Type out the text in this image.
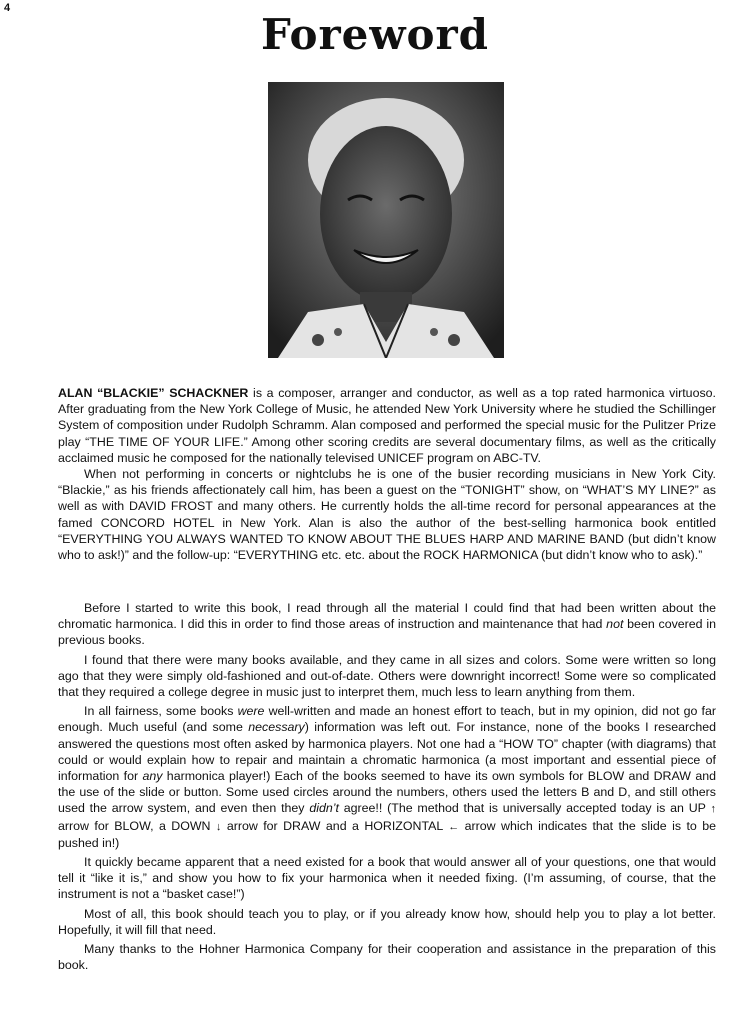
4
Foreword

ALAN “BLACKIE” SCHACKNER is a composer, arranger and conductor, as well as a top rated harmonica virtuoso. After graduating from the New York College of Music, he attended New York University where he studied the Schillinger System of composition under Rudolph Schramm. Alan composed and performed the special music for the Pulitzer Prize play “THE TIME OF YOUR LIFE.” Among other scoring credits are several documentary films, as well as the critically acclaimed music he composed for the nationally televised UNICEF program on ABC-TV.

When not performing in concerts or nightclubs he is one of the busier recording musicians in New York City. “Blackie,” as his friends affectionately call him, has been a guest on the “TONIGHT” show, on “WHAT’S MY LINE?” as well as with DAVID FROST and many others. He currently holds the all-time record for personal appearances at the famed CONCORD HOTEL in New York. Alan is also the author of the best-selling harmonica book entitled “EVERYTHING YOU ALWAYS WANTED TO KNOW ABOUT THE BLUES HARP AND MARINE BAND (but didn’t know who to ask!)” and the follow-up: “EVERYTHING etc. etc. about the ROCK HARMONICA (but didn’t know who to ask).”

Before I started to write this book, I read through all the material I could find that had been written about the chromatic harmonica. I did this in order to find those areas of instruction and maintenance that had not been covered in previous books.

I found that there were many books available, and they came in all sizes and colors. Some were written so long ago that they were simply old-fashioned and out-of-date. Others were downright incorrect! Some were so complicated that they required a college degree in music just to interpret them, much less to learn anything from them.

In all fairness, some books were well-written and made an honest effort to teach, but in my opinion, did not go far enough. Much useful (and some necessary) information was left out. For instance, none of the books I researched answered the questions most often asked by harmonica players. Not one had a “HOW TO” chapter (with diagrams) that could or would explain how to repair and maintain a chromatic harmonica (a most important and essential piece of information for any harmonica player!) Each of the books seemed to have its own symbols for BLOW and DRAW and the use of the slide or button. Some used circles around the numbers, others used the letters B and D, and still others used the arrow system, and even then they didn’t agree!! (The method that is universally accepted today is an UP ↑ arrow for BLOW, a DOWN ↓ arrow for DRAW and a HORIZONTAL ← arrow which indicates that the slide is to be pushed in!)

It quickly became apparent that a need existed for a book that would answer all of your questions, one that would tell it “like it is,” and show you how to fix your harmonica when it needed fixing. (I’m assuming, of course, that the instrument is not a “basket case!”)

Most of all, this book should teach you to play, or if you already know how, should help you to play a lot better. Hopefully, it will fill that need.

Many thanks to the Hohner Harmonica Company for their cooperation and assistance in the preparation of this book.
